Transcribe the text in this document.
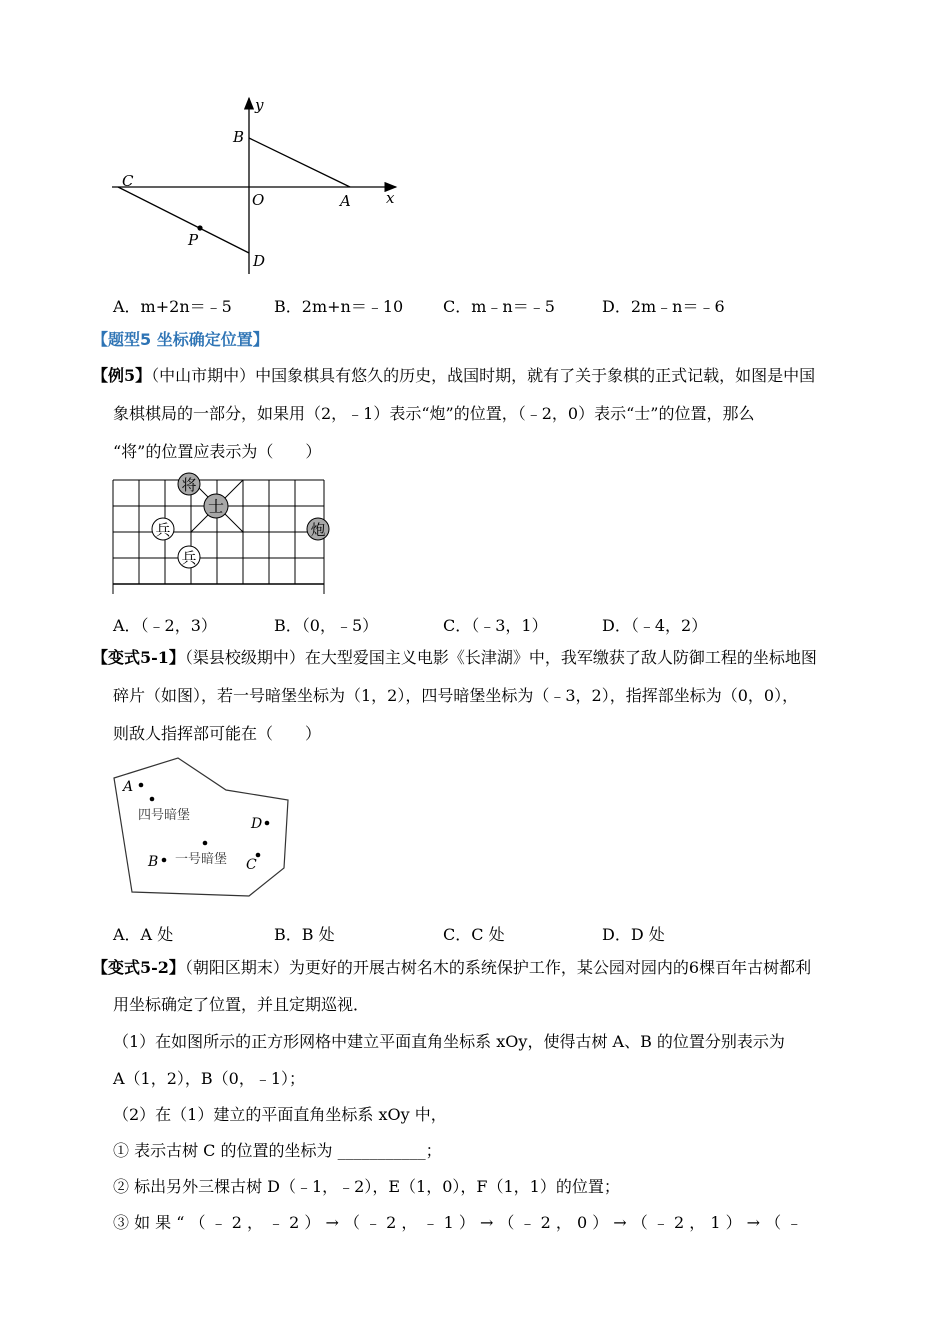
y
x
B
O	A
C
P
D
A．m+2n＝﹣5	B．2m+n＝﹣10 C．m﹣n＝﹣5	D．2m﹣n＝﹣6
【题型5 坐标确定位置】
【例5】（中山市期中）中国象棋具有悠久的历史，战国时期，就有了关于象棋的正式记载，如图是中国
象棋棋局的一部分，如果用（2，﹣1）表示“炮”的位置，（﹣2，0）表示“士”的位置，那么
“将”的位置应表示为（　　）
将
士
炮
兵
兵
A．（﹣2，3）	B．（0，﹣5）	C．（﹣3，1）	D．（﹣4，2）
【变式5-1】（渠县校级期中）在大型爱国主义电影《长津湖》中，我军缴获了敌人防御工程的坐标地图
碎片（如图），若一号暗堡坐标为（1，2），四号暗堡坐标为（﹣3，2），指挥部坐标为（0，0），
则敌人指挥部可能在（　　）
A
四号暗堡
D
B 一号暗堡 C
A．A 处	B．B 处	C．C 处	D．D 处
【变式5-2】（朝阳区期末）为更好的开展古树名木的系统保护工作，某公园对园内的6棵百年古树都利
用坐标确定了位置，并且定期巡视．
（1）在如图所示的正方形网格中建立平面直角坐标系 xOy，使得古树 A、B 的位置分别表示为
A（1，2），B（0，﹣1）；
（2）在（1）建立的平面直角坐标系 xOy 中，
① 表示古树 C 的位置的坐标为 ___________；
② 标出另外三棵古树 D（﹣1，﹣2），E（1，0），F（1，1）的位置；
③ 如 果 “ （ ﹣ 2 ， ﹣ 2 ） → （ ﹣ 2 ， ﹣ 1 ） → （ ﹣ 2 ， 0 ） → （ ﹣ 2 ， 1 ） → （ ﹣
